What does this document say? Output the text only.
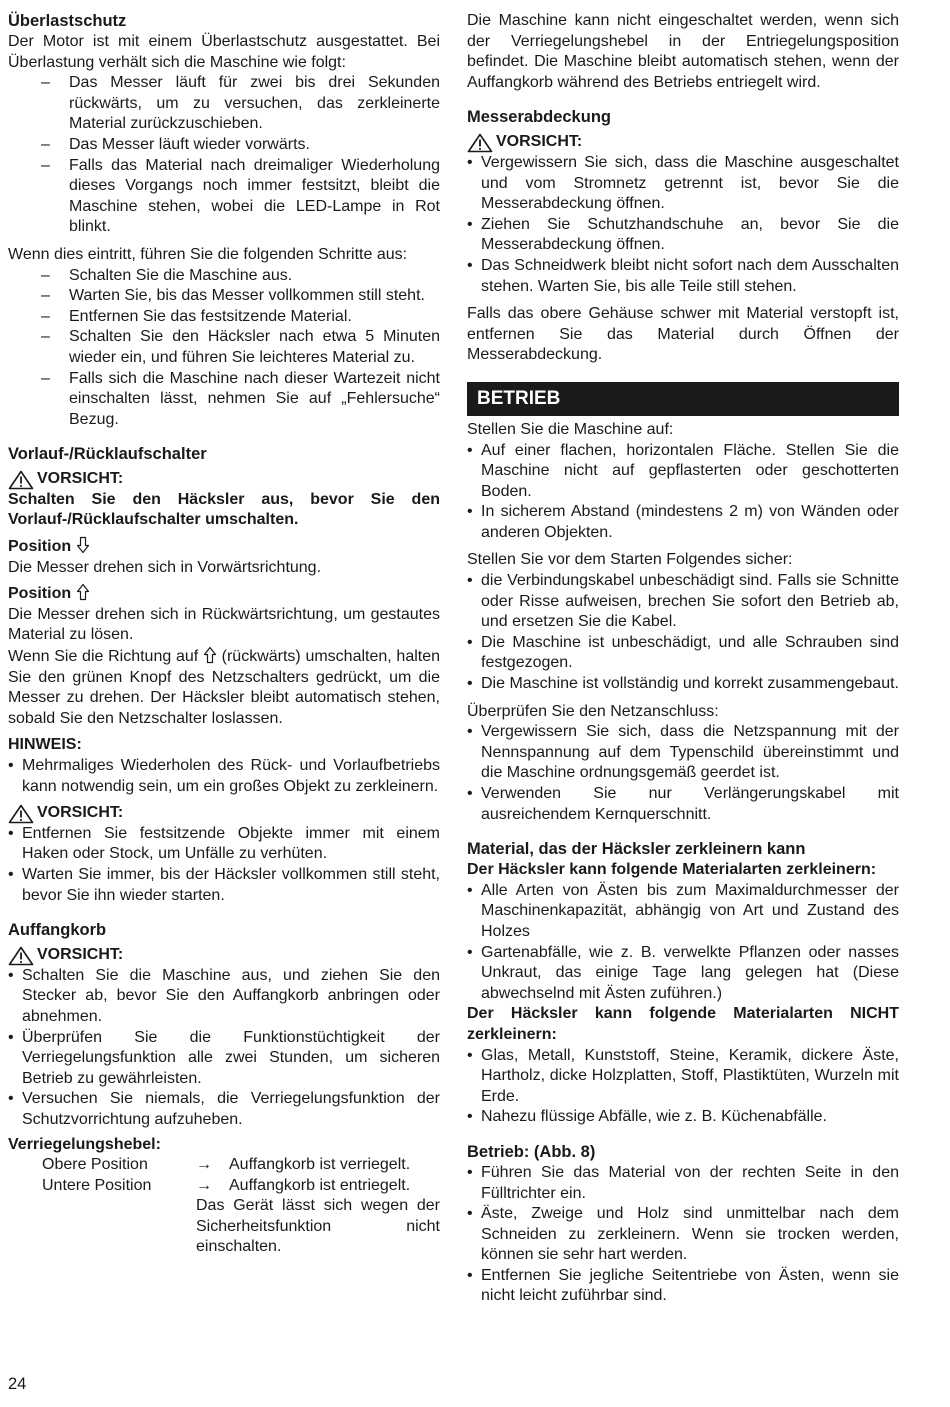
Überlastschutz

Der Motor ist mit einem Überlastschutz ausgestattet. Bei Überlastung verhält sich die Maschine wie folgt:

– Das Messer läuft für zwei bis drei Sekunden rückwärts, um zu versuchen, das zerkleinerte Material zurückzuschieben.
– Das Messer läuft wieder vorwärts.
– Falls das Material nach dreimaliger Wiederholung dieses Vorgangs noch immer festsitzt, bleibt die Maschine stehen, wobei die LED-Lampe in Rot blinkt.

Wenn dies eintritt, führen Sie die folgenden Schritte aus:

– Schalten Sie die Maschine aus.
– Warten Sie, bis das Messer vollkommen still steht.
– Entfernen Sie das festsitzende Material.
– Schalten Sie den Häcksler nach etwa 5 Minuten wieder ein, und führen Sie leichteres Material zu.
– Falls sich die Maschine nach dieser Wartezeit nicht einschalten lässt, nehmen Sie auf „Fehlersuche“ Bezug.
Vorlauf-/Rücklaufschalter
VORSICHT:

Schalten Sie den Häcksler aus, bevor Sie den Vorlauf-/Rücklaufschalter umschalten.

Position

Die Messer drehen sich in Vorwärtsrichtung.

Position

Die Messer drehen sich in Rückwärtsrichtung, um gestautes Material zu lösen.

Wenn Sie die Richtung auf (rückwärts) umschalten, halten Sie den grünen Knopf des Netzschalters gedrückt, um die Messer zu drehen. Der Häcksler bleibt automatisch stehen, sobald Sie den Netzschalter loslassen.

HINWEIS:
• Mehrmaliges Wiederholen des Rück- und Vorlaufbetriebs kann notwendig sein, um ein großes Objekt zu zerkleinern.
VORSICHT:
• Entfernen Sie festsitzende Objekte immer mit einem Haken oder Stock, um Unfälle zu verhüten.
• Warten Sie immer, bis der Häcksler vollkommen still steht, bevor Sie ihn wieder starten.
Auffangkorb
VORSICHT:
• Schalten Sie die Maschine aus, und ziehen Sie den Stecker ab, bevor Sie den Auffangkorb anbringen oder abnehmen.
• Überprüfen Sie die Funktionstüchtigkeit der Verriegelungsfunktion alle zwei Stunden, um sicheren Betrieb zu gewährleisten.
• Versuchen Sie niemals, die Verriegelungsfunktion der Schutzvorrichtung aufzuheben.
Verriegelungshebel:
Obere Position	→	Auffangkorb ist verriegelt.
Untere Position	→	Auffangkorb ist entriegelt.
Das Gerät lässt sich wegen der Sicherheitsfunktion nicht einschalten.

Die Maschine kann nicht eingeschaltet werden, wenn sich der Verriegelungshebel in der Entriegelungsposition befindet. Die Maschine bleibt automatisch stehen, wenn der Auffangkorb während des Betriebs entriegelt wird.

Messerabdeckung
VORSICHT:
• Vergewissern Sie sich, dass die Maschine ausgeschaltet und vom Stromnetz getrennt ist, bevor Sie die Messerabdeckung öffnen.
• Ziehen Sie Schutzhandschuhe an, bevor Sie die Messerabdeckung öffnen.
• Das Schneidwerk bleibt nicht sofort nach dem Ausschalten stehen. Warten Sie, bis alle Teile still stehen.

Falls das obere Gehäuse schwer mit Material verstopft ist, entfernen Sie das Material durch Öffnen der Messerabdeckung.

BETRIEB

Stellen Sie die Maschine auf:

• Auf einer flachen, horizontalen Fläche. Stellen Sie die Maschine nicht auf gepflasterten oder geschotterten Boden.
• In sicherem Abstand (mindestens 2 m) von Wänden oder anderen Objekten.

Stellen Sie vor dem Starten Folgendes sicher:

• die Verbindungskabel unbeschädigt sind. Falls sie Schnitte oder Risse aufweisen, brechen Sie sofort den Betrieb ab, und ersetzen Sie die Kabel.
• Die Maschine ist unbeschädigt, und alle Schrauben sind festgezogen.
• Die Maschine ist vollständig und korrekt zusammengebaut.

Überprüfen Sie den Netzanschluss:

• Vergewissern Sie sich, dass die Netzspannung mit der Nennspannung auf dem Typenschild übereinstimmt und die Maschine ordnungsgemäß geerdet ist.
• Verwenden Sie nur Verlängerungskabel mit ausreichendem Kernquerschnitt.
Material, das der Häcksler zerkleinern kann

Der Häcksler kann folgende Materialarten zerkleinern:

• Alle Arten von Ästen bis zum Maximaldurchmesser der Maschinenkapazität, abhängig von Art und Zustand des Holzes
• Gartenabfälle, wie z. B. verwelkte Pflanzen oder nasses Unkraut, das einige Tage lang gelegen hat (Diese abwechselnd mit Ästen zuführen.)

Der Häcksler kann folgende Materialarten NICHT zerkleinern:

• Glas, Metall, Kunststoff, Steine, Keramik, dickere Äste, Hartholz, dicke Holzplatten, Stoff, Plastiktüten, Wurzeln mit Erde.
• Nahezu flüssige Abfälle, wie z. B. Küchenabfälle.
Betrieb: (Abb. 8)
• Führen Sie das Material von der rechten Seite in den Fülltrichter ein.
• Äste, Zweige und Holz sind unmittelbar nach dem Schneiden zu zerkleinern. Wenn sie trocken werden, können sie sehr hart werden.
• Entfernen Sie jegliche Seitentriebe von Ästen, wenn sie nicht leicht zuführbar sind.
24
